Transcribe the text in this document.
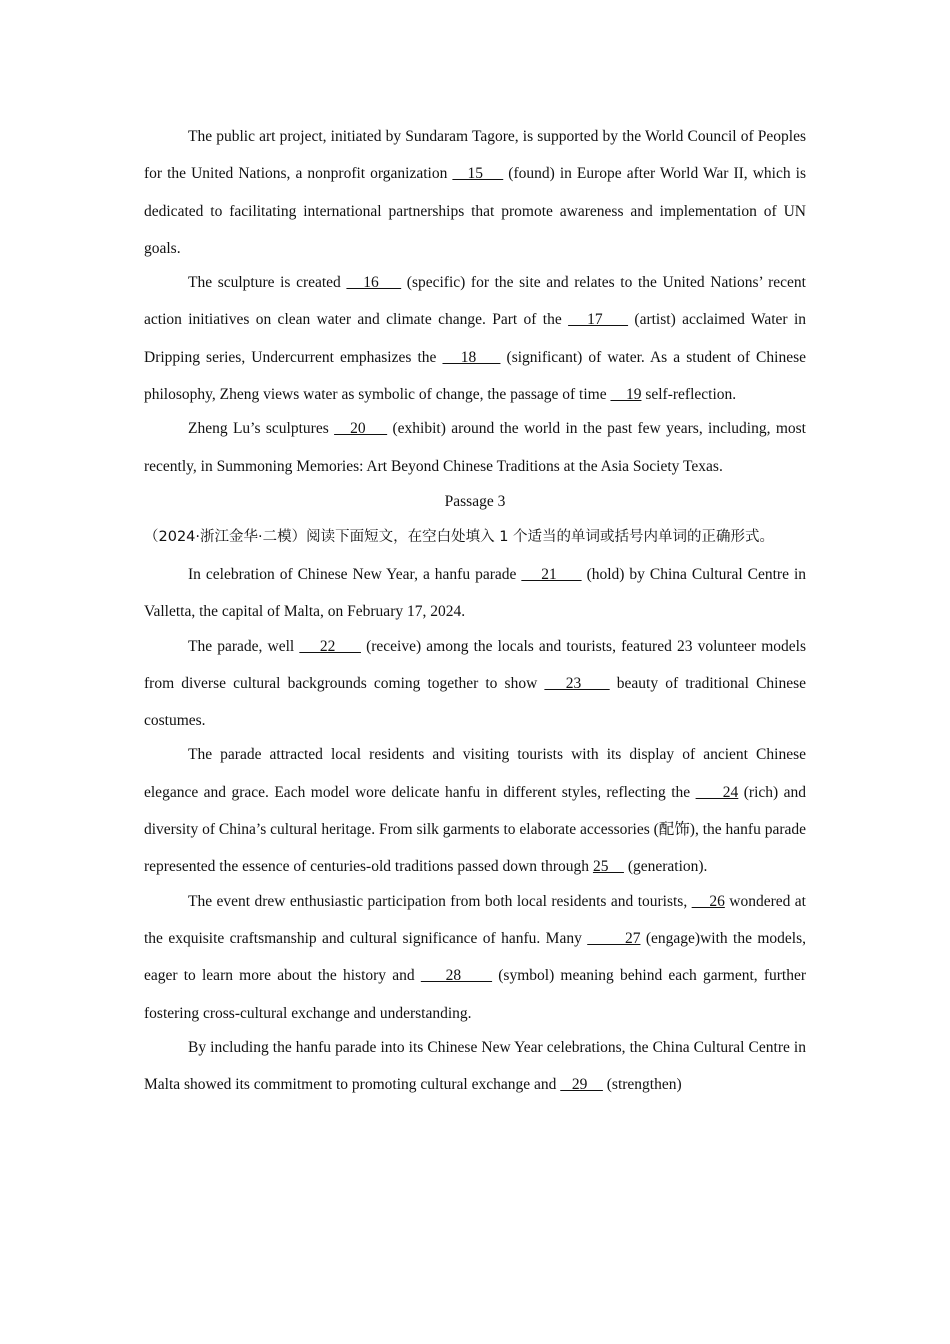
The public art project, initiated by Sundaram Tagore, is supported by the World Council of Peoples for the United Nations, a nonprofit organization    15     (found) in Europe after World War II, which is dedicated to facilitating international partnerships that promote awareness and implementation of UN goals.

The sculpture is created    16     (specific) for the site and relates to the United Nations’ recent action initiatives on clean water and climate change. Part of the    17     (artist) acclaimed Water in Dripping series, Undercurrent emphasizes the    18     (significant) of water. As a student of Chinese philosophy, Zheng views water as symbolic of change, the passage of time     19 self-reflection.

Zheng Lu’s sculptures    20     (exhibit) around the world in the past few years, including, most recently, in Summoning Memories: Art Beyond Chinese Traditions at the Asia Society Texas.

Passage 3

（2024·浙江金华·二模）阅读下面短文，在空白处填入 1 个适当的单词或括号内单词的正确形式。

In celebration of Chinese New Year, a hanfu parade     21      (hold) by China Cultural Centre in Valletta, the capital of Malta, on February 17, 2024.

The parade, well     22      (receive) among the locals and tourists, featured 23 volunteer models from diverse cultural backgrounds coming together to show    23     beauty of traditional Chinese costumes.

The parade attracted local residents and visiting tourists with its display of ancient Chinese elegance and grace. Each model wore delicate hanfu in different styles, reflecting the      24 (rich) and diversity of China’s cultural heritage. From silk garments to elaborate accessories (配饰), the hanfu parade represented the essence of centuries-old traditions passed down through 25     (generation).

The event drew enthusiastic participation from both local residents and tourists,     26 wondered at the exquisite craftsmanship and cultural significance of hanfu. Many        27 (engage)with the models, eager to learn more about the history and     28      (symbol) meaning behind each garment, further fostering cross-cultural exchange and understanding.

By including the hanfu parade into its Chinese New Year celebrations, the China Cultural Centre in Malta showed its commitment to promoting cultural exchange and    29     (strengthen)
